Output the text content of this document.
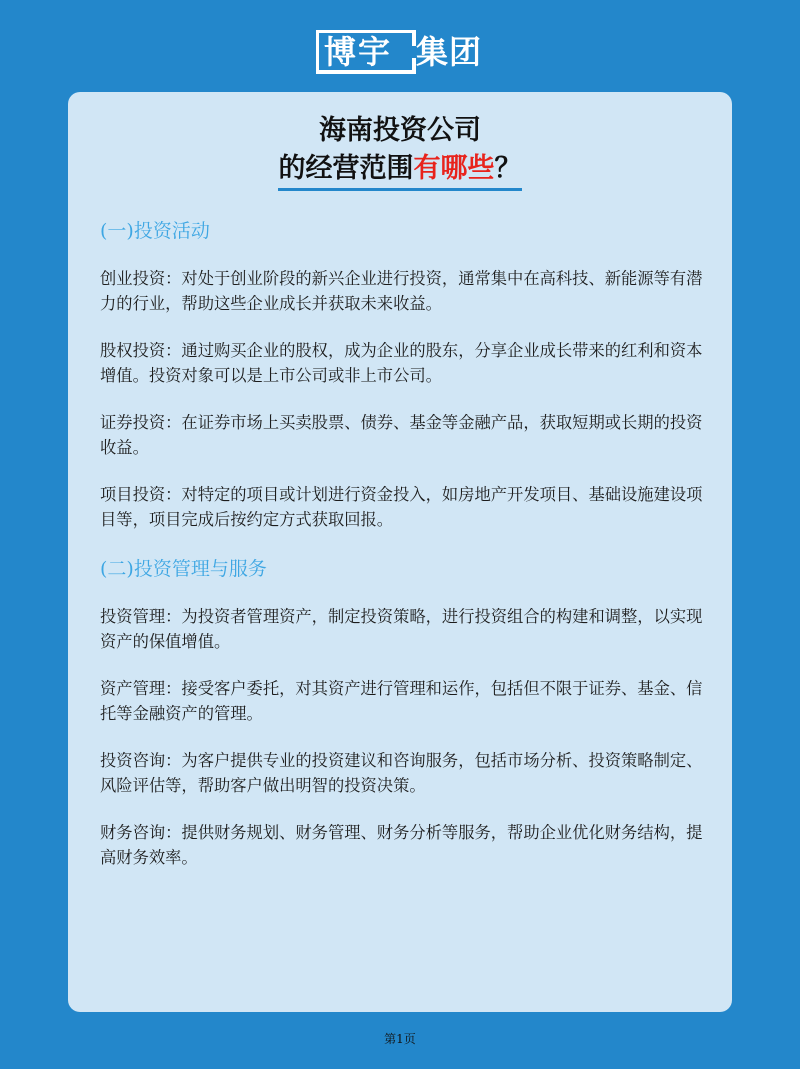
博宇 集团
海南投资公司
的经营范围有哪些？
(一)投资活动

创业投资：对处于创业阶段的新兴企业进行投资，通常集中在高科技、新能源等有潜力的行业，帮助这些企业成长并获取未来收益。

股权投资：通过购买企业的股权，成为企业的股东，分享企业成长带来的红利和资本增值。投资对象可以是上市公司或非上市公司。

证券投资：在证券市场上买卖股票、债券、基金等金融产品，获取短期或长期的投资收益。

项目投资：对特定的项目或计划进行资金投入，如房地产开发项目、基础设施建设项目等，项目完成后按约定方式获取回报。

(二)投资管理与服务

投资管理：为投资者管理资产，制定投资策略，进行投资组合的构建和调整，以实现资产的保值增值。

资产管理：接受客户委托，对其资产进行管理和运作，包括但不限于证券、基金、信托等金融资产的管理。

投资咨询：为客户提供专业的投资建议和咨询服务，包括市场分析、投资策略制定、风险评估等，帮助客户做出明智的投资决策。

财务咨询：提供财务规划、财务管理、财务分析等服务，帮助企业优化财务结构，提高财务效率。

第1页
